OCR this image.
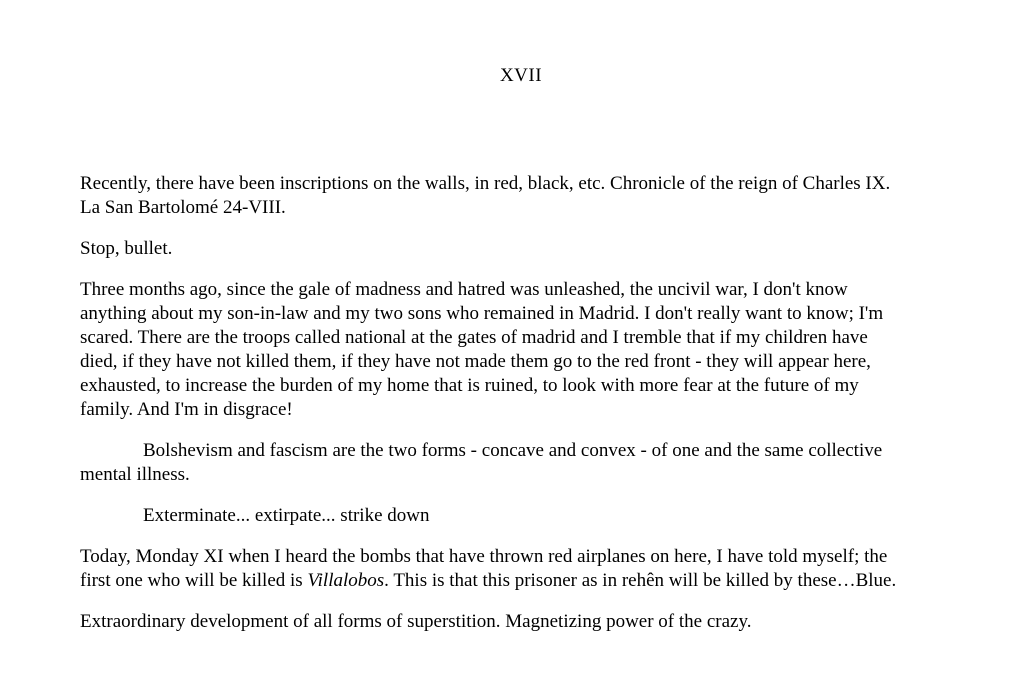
XVII

Recently, there have been inscriptions on the walls, in red, black, etc. Chronicle of the reign of Charles IX. La San Bartolomé 24-VIII.

Stop, bullet.

Three months ago, since the gale of madness and hatred was unleashed, the uncivil war, I don't know anything about my son-in-law and my two sons who remained in Madrid. I don't really want to know; I'm scared. There are the troops called national at the gates of madrid and I tremble that if my children have died, if they have not killed them, if they have not made them go to the red front - they will appear here, exhausted, to increase the burden of my home that is ruined, to look with more fear at the future of my family. And I'm in disgrace!

Bolshevism and fascism are the two forms - concave and convex - of one and the same collective mental illness.

Exterminate... extirpate... strike down

Today, Monday XI when I heard the bombs that have thrown red airplanes on here, I have told myself; the first one who will be killed is Villalobos. This is that this prisoner as in rehên will be killed by these…Blue.

Extraordinary development of all forms of superstition. Magnetizing power of the crazy.
